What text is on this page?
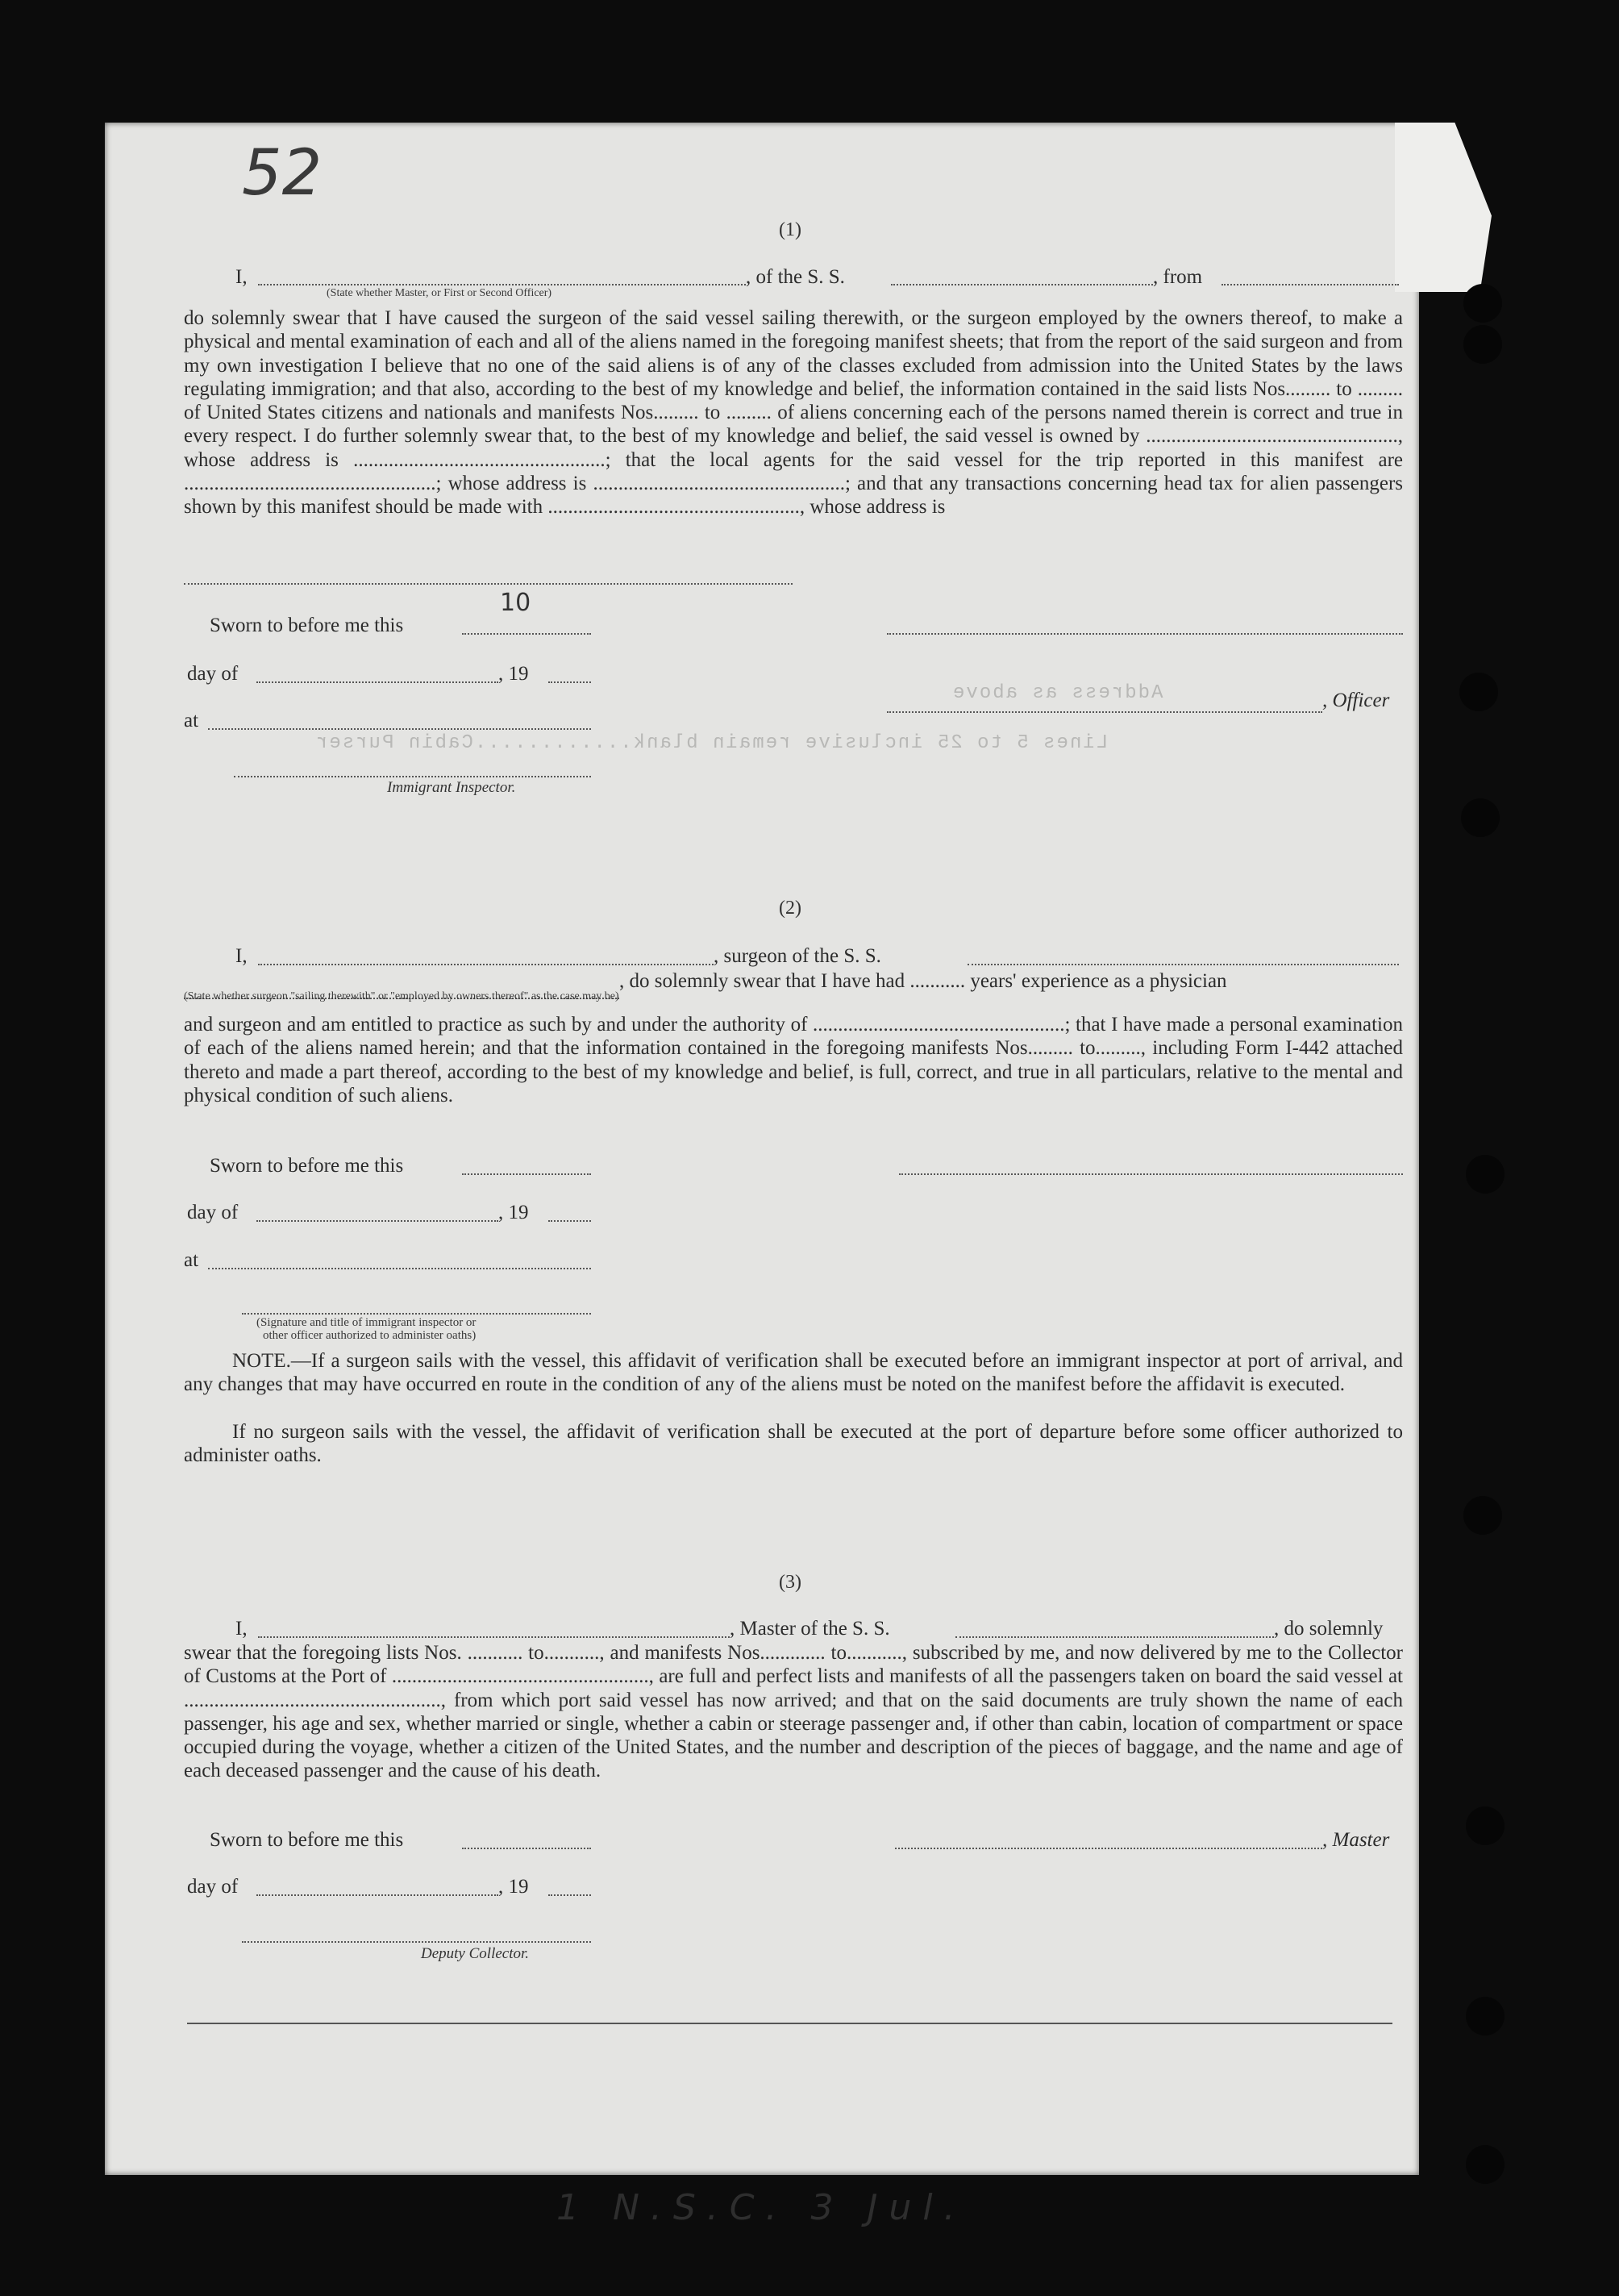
52
(1)
I,	, of the S. S.	, from
(State whether Master, or First or Second Officer)
do solemnly swear that I have caused the surgeon of the said vessel sailing therewith, or the surgeon employed by the owners thereof, to make a physical and mental examination of each and all of the aliens named in the foregoing manifest sheets; that from the report of the said surgeon and from my own investigation I believe that no one of the said aliens is of any of the classes excluded from admission into the United States by the laws regulating immigration; and that also, according to the best of my knowledge and belief, the information contained in the said lists Nos......... to ......... of United States citizens and nationals and manifests Nos......... to ......... of aliens concerning each of the persons named therein is correct and true in every respect. I do further solemnly swear that, to the best of my knowledge and belief, the said vessel is owned by .................................................., whose address is ..................................................; that the local agents for the said vessel for the trip reported in this manifest are ..................................................; whose address is ..................................................; and that any transactions concerning head tax for alien passengers shown by this manifest should be made with .................................................., whose address is
10
Sworn to before me this
day of	, 19
, Officer
at
Immigrant Inspector.
Lines 5 to 25 inclusive remain blank............Cabin Purser
Address as above
(2)
I,	, surgeon of the S. S.
, do solemnly swear that I have had ........... years' experience as a physician
(State whether surgeon "sailing therewith" or "employed by owners thereof" as the case may be)
and surgeon and am entitled to practice as such by and under the authority of ..................................................; that I have made a personal examination of each of the aliens named herein; and that the information contained in the foregoing manifests Nos......... to........., including Form I-442 attached thereto and made a part thereof, according to the best of my knowledge and belief, is full, correct, and true in all particulars, relative to the mental and physical condition of such aliens.
Sworn to before me this
day of	, 19
at
(Signature and title of immigrant inspector or
other officer authorized to administer oaths)
NOTE.—If a surgeon sails with the vessel, this affidavit of verification shall be executed before an immigrant inspector at port of arrival, and any changes that may have occurred en route in the condition of any of the aliens must be noted on the manifest before the affidavit is executed.
If no surgeon sails with the vessel, the affidavit of verification shall be executed at the port of departure before some officer authorized to administer oaths.
(3)
I,	, Master of the S. S.	, do solemnly
swear that the foregoing lists Nos. ........... to..........., and manifests Nos............. to..........., subscribed by me, and now delivered by me to the Collector of Customs at the Port of ..................................................., are full and perfect lists and manifests of all the passengers taken on board the said vessel at ..................................................., from which port said vessel has now arrived; and that on the said documents are truly shown the name of each passenger, his age and sex, whether married or single, whether a cabin or steerage passenger and, if other than cabin, location of compartment or space occupied during the voyage, whether a citizen of the United States, and the number and description of the pieces of baggage, and the name and age of each deceased passenger and the cause of his death.
Sworn to before me this	, Master
day of	, 19
Deputy Collector.
1 N.S.C. 3 Jul.
